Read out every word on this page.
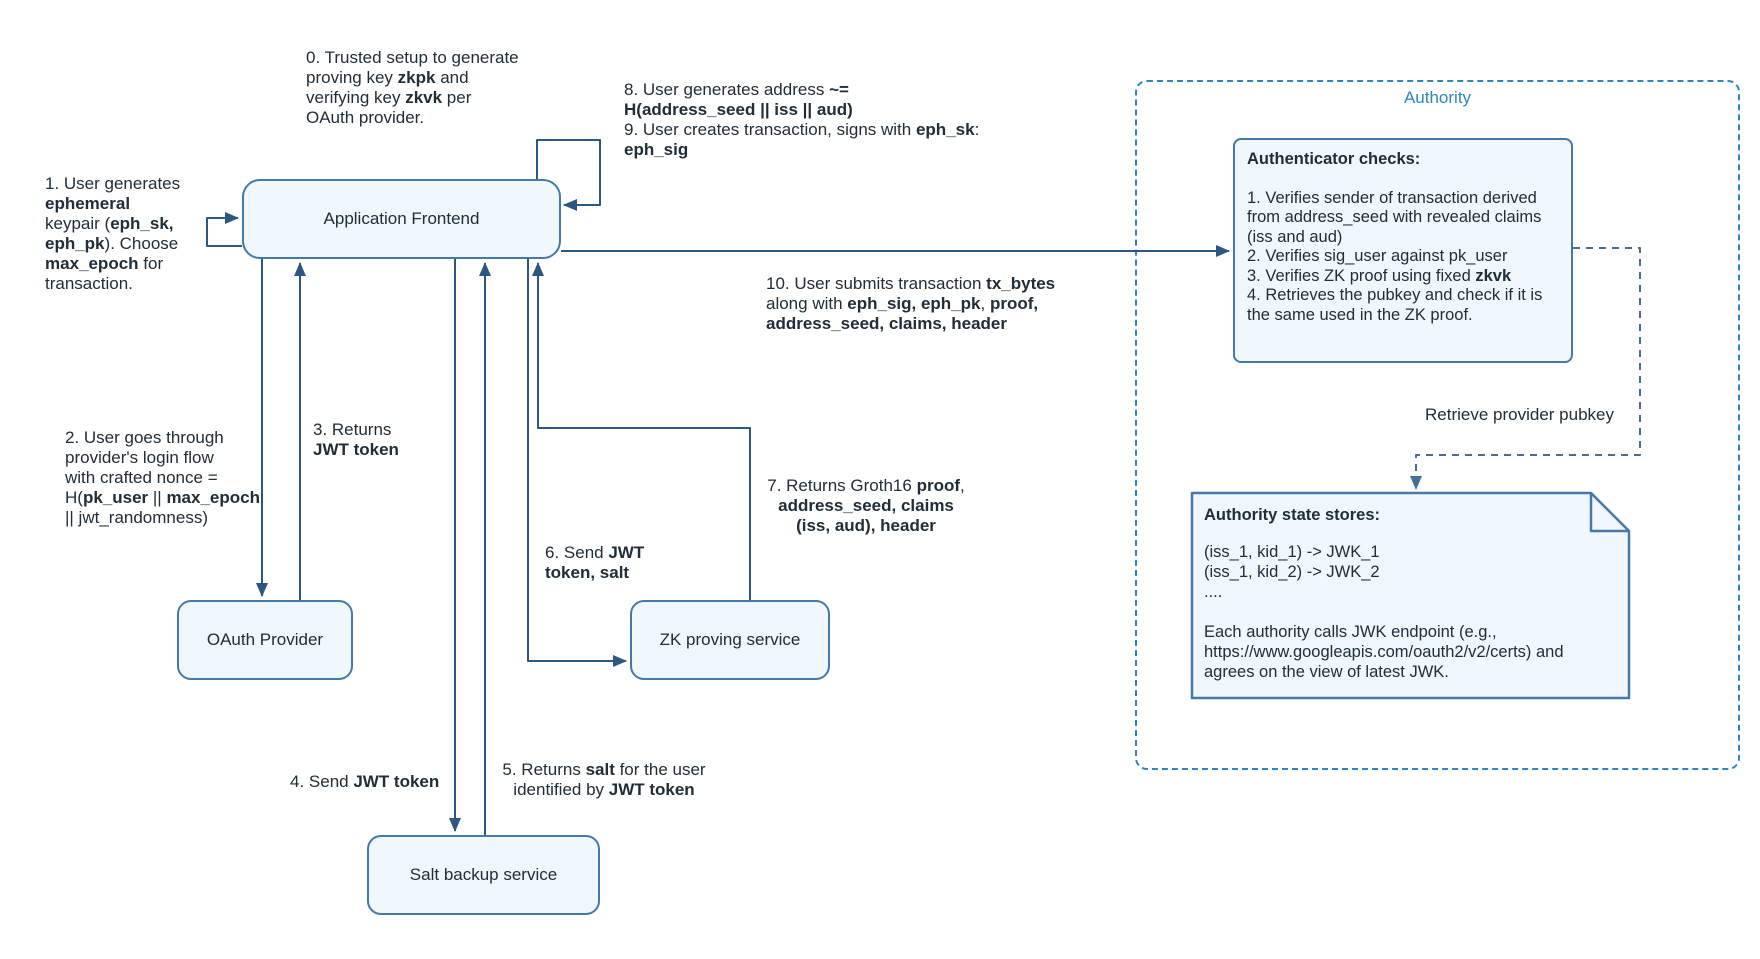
Authority
Application Frontend
OAuth Provider	ZK proving service
Salt backup service
Authenticator checks:
1. Verifies sender of transaction derived
from address_seed with revealed claims
(iss and aud)
2. Verifies sig_user against pk_user
3. Verifies ZK proof using fixed zkvk
4. Retrieves the pubkey and check if it is
the same used in the ZK proof.
Authority state stores:
(iss_1, kid_1) -> JWK_1
(iss_1, kid_2) -> JWK_2
....

Each authority calls JWK endpoint (e.g.,
https://www.googleapis.com/oauth2/v2/certs) and
agrees on the view of latest JWK.
0. Trusted setup to generate
proving key zkpk and
verifying key zkvk per
OAuth provider.
1. User generates
ephemeral
keypair (eph_sk,
eph_pk). Choose
max_epoch for
transaction.
8. User generates address ~=
H(address_seed || iss || aud)
9. User creates transaction, signs with eph_sk:
eph_sig
10. User submits transaction tx_bytes
along with eph_sig, eph_pk, proof,
address_seed, claims, header
2. User goes through
provider's login flow
with crafted nonce =
H(pk_user || max_epoch
|| jwt_randomness)
3. Returns
JWT token
4. Send JWT token
5. Returns salt for the user
identified by JWT token
6. Send JWT
token, salt
7. Returns Groth16 proof,
address_seed, claims
(iss, aud), header
Retrieve provider pubkey
